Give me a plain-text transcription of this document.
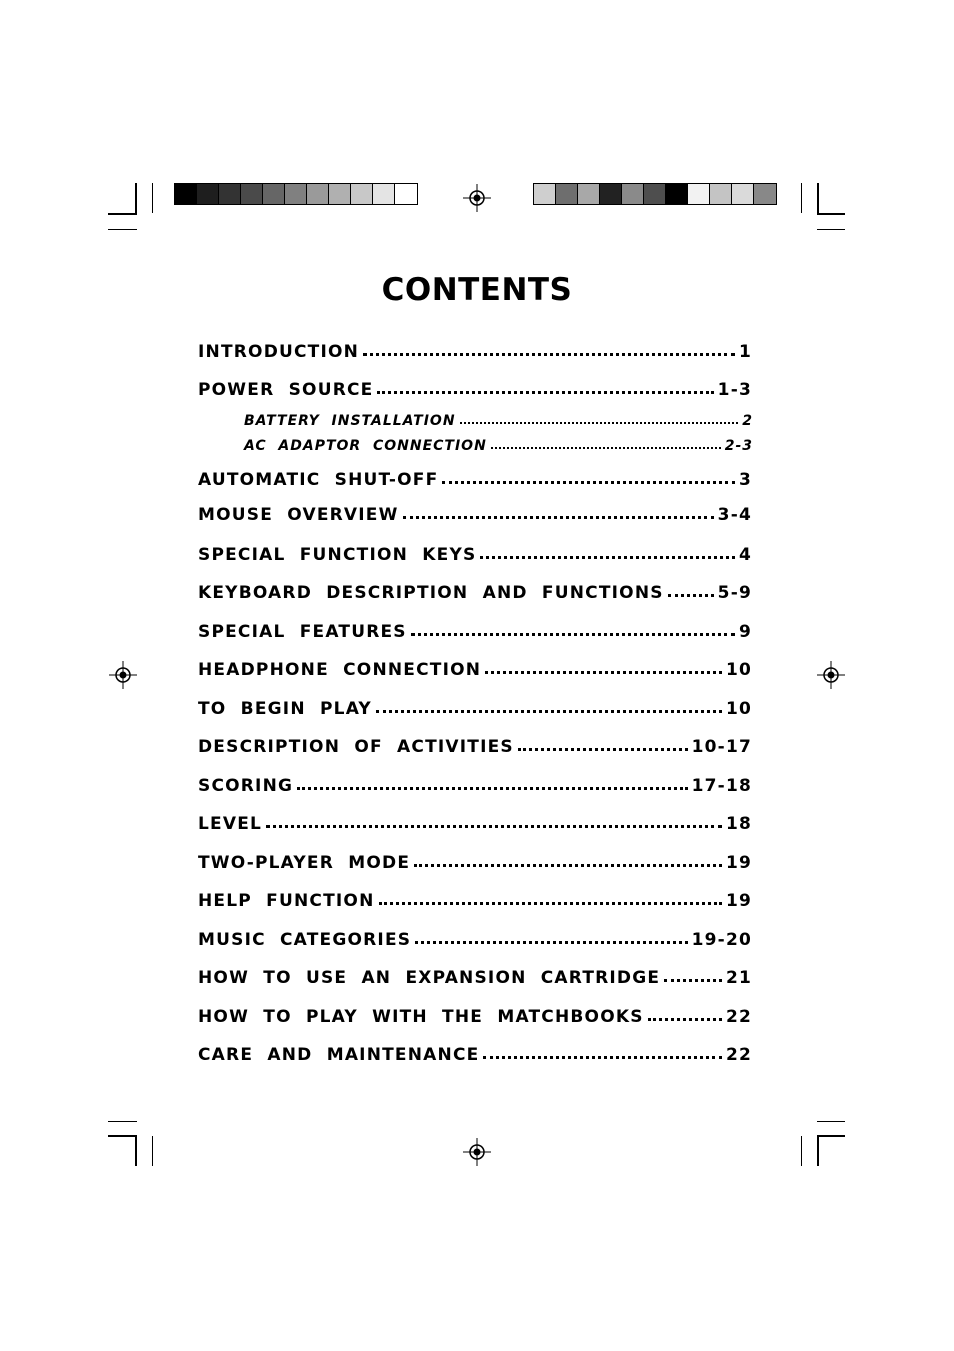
CONTENTS
INTRODUCTION	1
POWER  SOURCE	1-3
BATTERY  INSTALLATION	2
AC  ADAPTOR  CONNECTION	2-3
AUTOMATIC  SHUT-OFF	3
MOUSE  OVERVIEW	3-4
SPECIAL  FUNCTION  KEYS	4
KEYBOARD  DESCRIPTION  AND  FUNCTIONS	5-9
SPECIAL  FEATURES	9
HEADPHONE  CONNECTION	10
TO  BEGIN  PLAY	10
DESCRIPTION  OF  ACTIVITIES	10-17
SCORING	17-18
LEVEL	18
TWO-PLAYER  MODE	19
HELP  FUNCTION	19
MUSIC  CATEGORIES	19-20
HOW  TO  USE  AN  EXPANSION  CARTRIDGE	21
HOW  TO  PLAY  WITH  THE  MATCHBOOKS	22
CARE  AND  MAINTENANCE	22
